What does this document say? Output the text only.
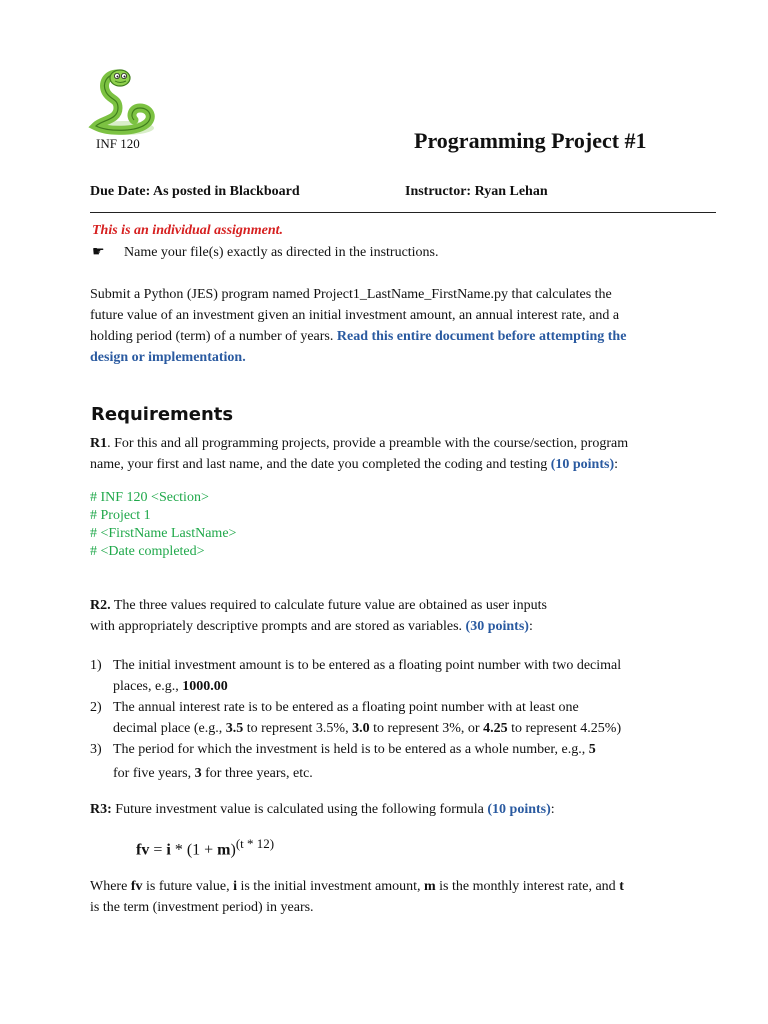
INF 120	Programming Project #1
Due Date: As posted in Blackboard	Instructor: Ryan Lehan
This is an individual assignment.
☛ Name your file(s) exactly as directed in the instructions.
Submit a Python (JES) program named Project1_LastName_FirstName.py that calculates the
future value of an investment given an initial investment amount, an annual interest rate, and a
holding period (term) of a number of years. Read this entire document before attempting the
design or implementation.
Requirements
R1. For this and all programming projects, provide a preamble with the course/section, program
name, your first and last name, and the date you completed the coding and testing (10 points):
# INF 120 <Section>
# Project 1
# <FirstName LastName>
# <Date completed>
R2. The three values required to calculate future value are obtained as user inputs
with appropriately descriptive prompts and are stored as variables. (30 points):
1) The initial investment amount is to be entered as a floating point number with two decimal
places, e.g., 1000.00
2) The annual interest rate is to be entered as a floating point number with at least one
decimal place (e.g., 3.5 to represent 3.5%, 3.0 to represent 3%, or 4.25 to represent 4.25%)
3) The period for which the investment is held is to be entered as a whole number, e.g., 5
for five years, 3 for three years, etc.
R3: Future investment value is calculated using the following formula (10 points):
fv = $i * (1 + m)^{(t * 12)}$
Where fv is future value, i is the initial investment amount, m is the monthly interest rate, and t
is the term (investment period) in years.
